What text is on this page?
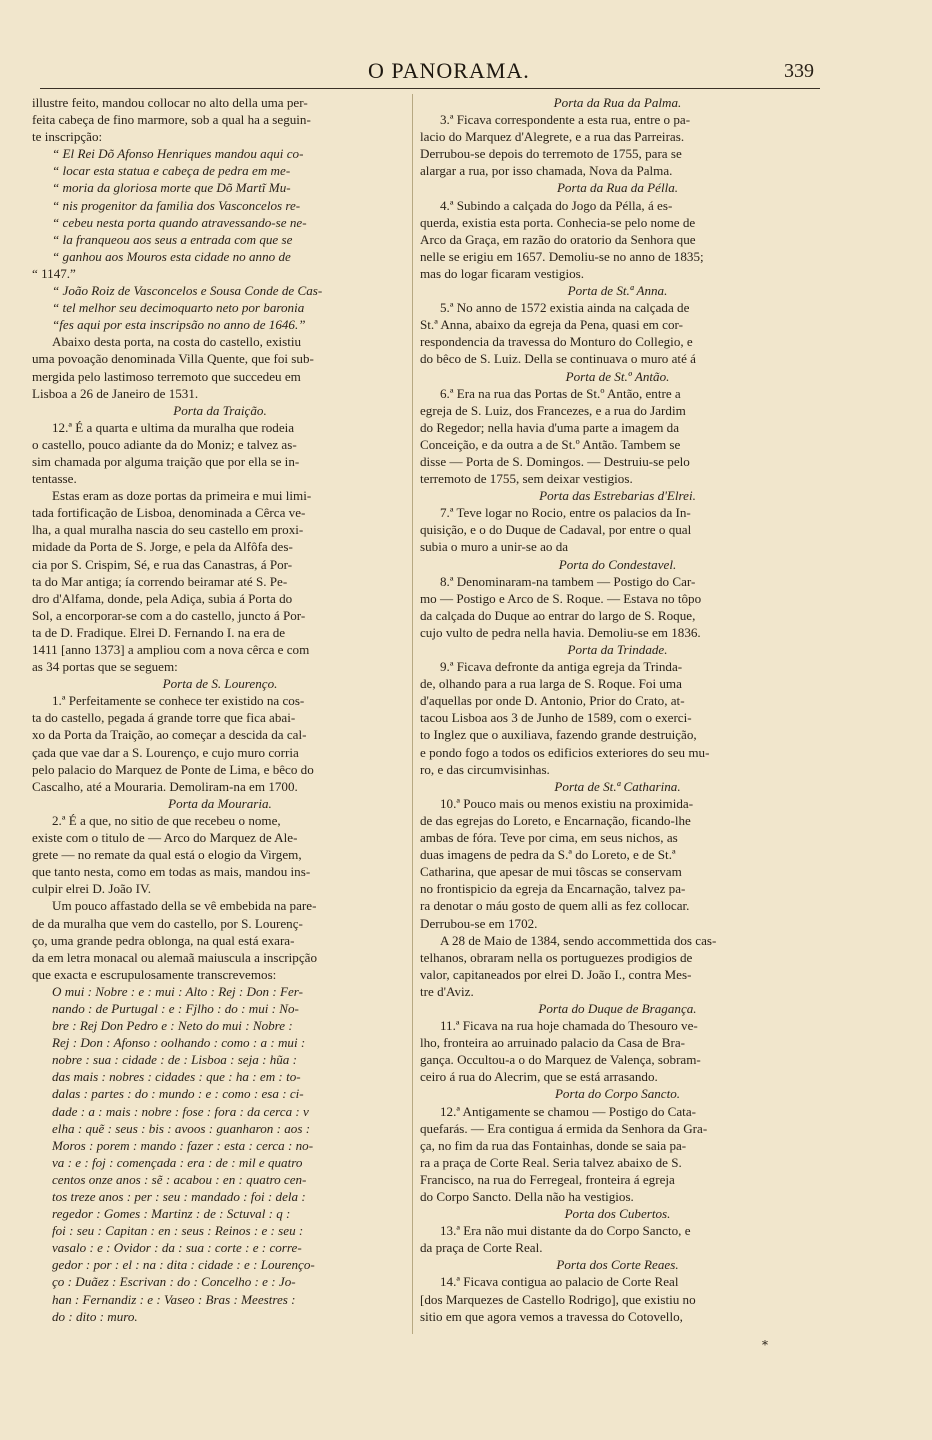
O PANORAMA.	339
illustre feito, mandou collocar no alto della uma per-
feita cabeça de fino marmore, sob a qual ha a seguin-
te inscripção:
“ El Rei Dõ Afonso Henriques mandou aqui co-
“ locar esta statua e cabeça de pedra em me-
“ moria da gloriosa morte que Dõ Martĩ Mu-
“ nis progenitor da familia dos Vasconcelos re-
“ cebeu nesta porta quando atravessando-se ne-
“ la franqueou aos seus a entrada com que se
“ ganhou aos Mouros esta cidade no anno de
“ 1147.”
“ João Roiz de Vasconcelos e Sousa Conde de Cas-
“ tel melhor seu decimoquarto neto por baronia
“fes aqui por esta inscripsão no anno de 1646.”
Abaixo desta porta, na costa do castello, existiu
uma povoação denominada Villa Quente, que foi sub-
mergida pelo lastimoso terremoto que succedeu em
Lisboa a 26 de Janeiro de 1531.
Porta da Traição.
12.ª É a quarta e ultima da muralha que rodeia
o castello, pouco adiante da do Moniz; e talvez as-
sim chamada por alguma traição que por ella se in-
tentasse.
Estas eram as doze portas da primeira e mui limi-
tada fortificação de Lisboa, denominada a Cêrca ve-
lha, a qual muralha nascia do seu castello em proxi-
midade da Porta de S. Jorge, e pela da Alfôfa des-
cia por S. Crispim, Sé, e rua das Canastras, á Por-
ta do Mar antiga; ía correndo beiramar até S. Pe-
dro d'Alfama, donde, pela Adiça, subia á Porta do
Sol, a encorporar-se com a do castello, juncto á Por-
ta de D. Fradique. Elrei D. Fernando I. na era de
1411 [anno 1373] a ampliou com a nova cêrca e com
as 34 portas que se seguem:
Porta de S. Lourenço.
1.ª Perfeitamente se conhece ter existido na cos-
ta do castello, pegada á grande torre que fica abai-
xo da Porta da Traição, ao começar a descida da cal-
çada que vae dar a S. Lourenço, e cujo muro corria
pelo palacio do Marquez de Ponte de Lima, e bêco do
Cascalho, até a Mouraria. Demoliram-na em 1700.
Porta da Mouraria.
2.ª É a que, no sitio de que recebeu o nome,
existe com o titulo de — Arco do Marquez de Ale-
grete — no remate da qual está o elogio da Virgem,
que tanto nesta, como em todas as mais, mandou ins-
culpir elrei D. João IV.
Um pouco affastado della se vê embebida na pare-
de da muralha que vem do castello, por S. Lourenç-
ço, uma grande pedra oblonga, na qual está exara-
da em letra monacal ou alemaã maiuscula a inscripção
que exacta e escrupulosamente transcrevemos:
O mui : Nobre : e : mui : Alto : Rej : Don : Fer-
nando : de Purtugal : e : Fjlho : do : mui : No-
bre : Rej Don Pedro e : Neto do mui : Nobre :
Rej : Don : Afonso : oolhando : como : a : mui :
nobre : sua : cidade : de : Lisboa : seja : hũa :
das mais : nobres : cidades : que : ha : em : to-
dalas : partes : do : mundo : e : como : esa : ci-
dade : a : mais : nobre : fose : fora : da cerca : v
elha : quẽ : seus : bis : avoos : guanharon : aos :
Moros : porem : mando : fazer : esta : cerca : no-
va : e : foj : començada : era : de : mil e quatro
centos onze anos : sẽ : acabou : en : quatro cen-
tos treze anos : per : seu : mandado : foi : dela :
regedor : Gomes : Martinz : de : Sctuval : q :
foi : seu : Capitan : en : seus : Reinos : e : seu :
vasalo : e : Ovidor : da : sua : corte : e : corre-
gedor : por : el : na : dita : cidade : e : Lourenço-
ço : Duãez : Escrivan : do : Concelho : e : Jo-
han : Fernandiz : e : Vaseo : Bras : Meestres :
do : dito : muro.
Porta da Rua da Palma.
3.ª Ficava correspondente a esta rua, entre o pa-
lacio do Marquez d'Alegrete, e a rua das Parreiras.
Derrubou-se depois do terremoto de 1755, para se
alargar a rua, por isso chamada, Nova da Palma.
Porta da Rua da Pélla.
4.ª Subindo a calçada do Jogo da Pélla, á es-
querda, existia esta porta. Conhecia-se pelo nome de
Arco da Graça, em razão do oratorio da Senhora que
nelle se erigiu em 1657. Demoliu-se no anno de 1835;
mas do logar ficaram vestigios.
Porta de St.ª Anna.
5.ª No anno de 1572 existia ainda na calçada de
St.ª Anna, abaixo da egreja da Pena, quasi em cor-
respondencia da travessa do Monturo do Collegio, e
do bêco de S. Luiz. Della se continuava o muro até á
Porta de St.º Antão.
6.ª Era na rua das Portas de St.º Antão, entre a
egreja de S. Luiz, dos Francezes, e a rua do Jardim
do Regedor; nella havia d'uma parte a imagem da
Conceição, e da outra a de St.º Antão. Tambem se
disse — Porta de S. Domingos. — Destruiu-se pelo
terremoto de 1755, sem deixar vestigios.
Porta das Estrebarias d'Elrei.
7.ª Teve logar no Rocio, entre os palacios da In-
quisição, e o do Duque de Cadaval, por entre o qual
subia o muro a unir-se ao da
Porta do Condestavel.
8.ª Denominaram-na tambem — Postigo do Car-
mo — Postigo e Arco de S. Roque. — Estava no tôpo
da calçada do Duque ao entrar do largo de S. Roque,
cujo vulto de pedra nella havia. Demoliu-se em 1836.
Porta da Trindade.
9.ª Ficava defronte da antiga egreja da Trinda-
de, olhando para a rua larga de S. Roque. Foi uma
d'aquellas por onde D. Antonio, Prior do Crato, at-
tacou Lisboa aos 3 de Junho de 1589, com o exerci-
to Inglez que o auxiliava, fazendo grande destruição,
e pondo fogo a todos os edificios exteriores do seu mu-
ro, e das circumvisinhas.
Porta de St.ª Catharina.
10.ª Pouco mais ou menos existiu na proximida-
de das egrejas do Loreto, e Encarnação, ficando-lhe
ambas de fóra. Teve por cima, em seus nichos, as
duas imagens de pedra da S.ª do Loreto, e de St.ª
Catharina, que apesar de mui tôscas se conservam
no frontispicio da egreja da Encarnação, talvez pa-
ra denotar o máu gosto de quem alli as fez collocar.
Derrubou-se em 1702.
A 28 de Maio de 1384, sendo accommettida dos cas-
telhanos, obraram nella os portuguezes prodigios de
valor, capitaneados por elrei D. João I., contra Mes-
tre d'Aviz.
Porta do Duque de Bragança.
11.ª Ficava na rua hoje chamada do Thesouro ve-
lho, fronteira ao arruinado palacio da Casa de Bra-
gança. Occultou-a o do Marquez de Valença, sobram-
ceiro á rua do Alecrim, que se está arrasando.
Porta do Corpo Sancto.
12.ª Antigamente se chamou — Postigo do Cata-
quefarás. — Era contigua á ermida da Senhora da Gra-
ça, no fim da rua das Fontainhas, donde se saia pa-
ra a praça de Corte Real. Seria talvez abaixo de S.
Francisco, na rua do Ferregeal, fronteira á egreja
do Corpo Sancto. Della não ha vestigios.
Porta dos Cubertos.
13.ª Era não mui distante da do Corpo Sancto, e
da praça de Corte Real.
Porta dos Corte Reaes.
14.ª Ficava contigua ao palacio de Corte Real
[dos Marquezes de Castello Rodrigo], que existiu no
sitio em que agora vemos a travessa do Cotovello,
*
